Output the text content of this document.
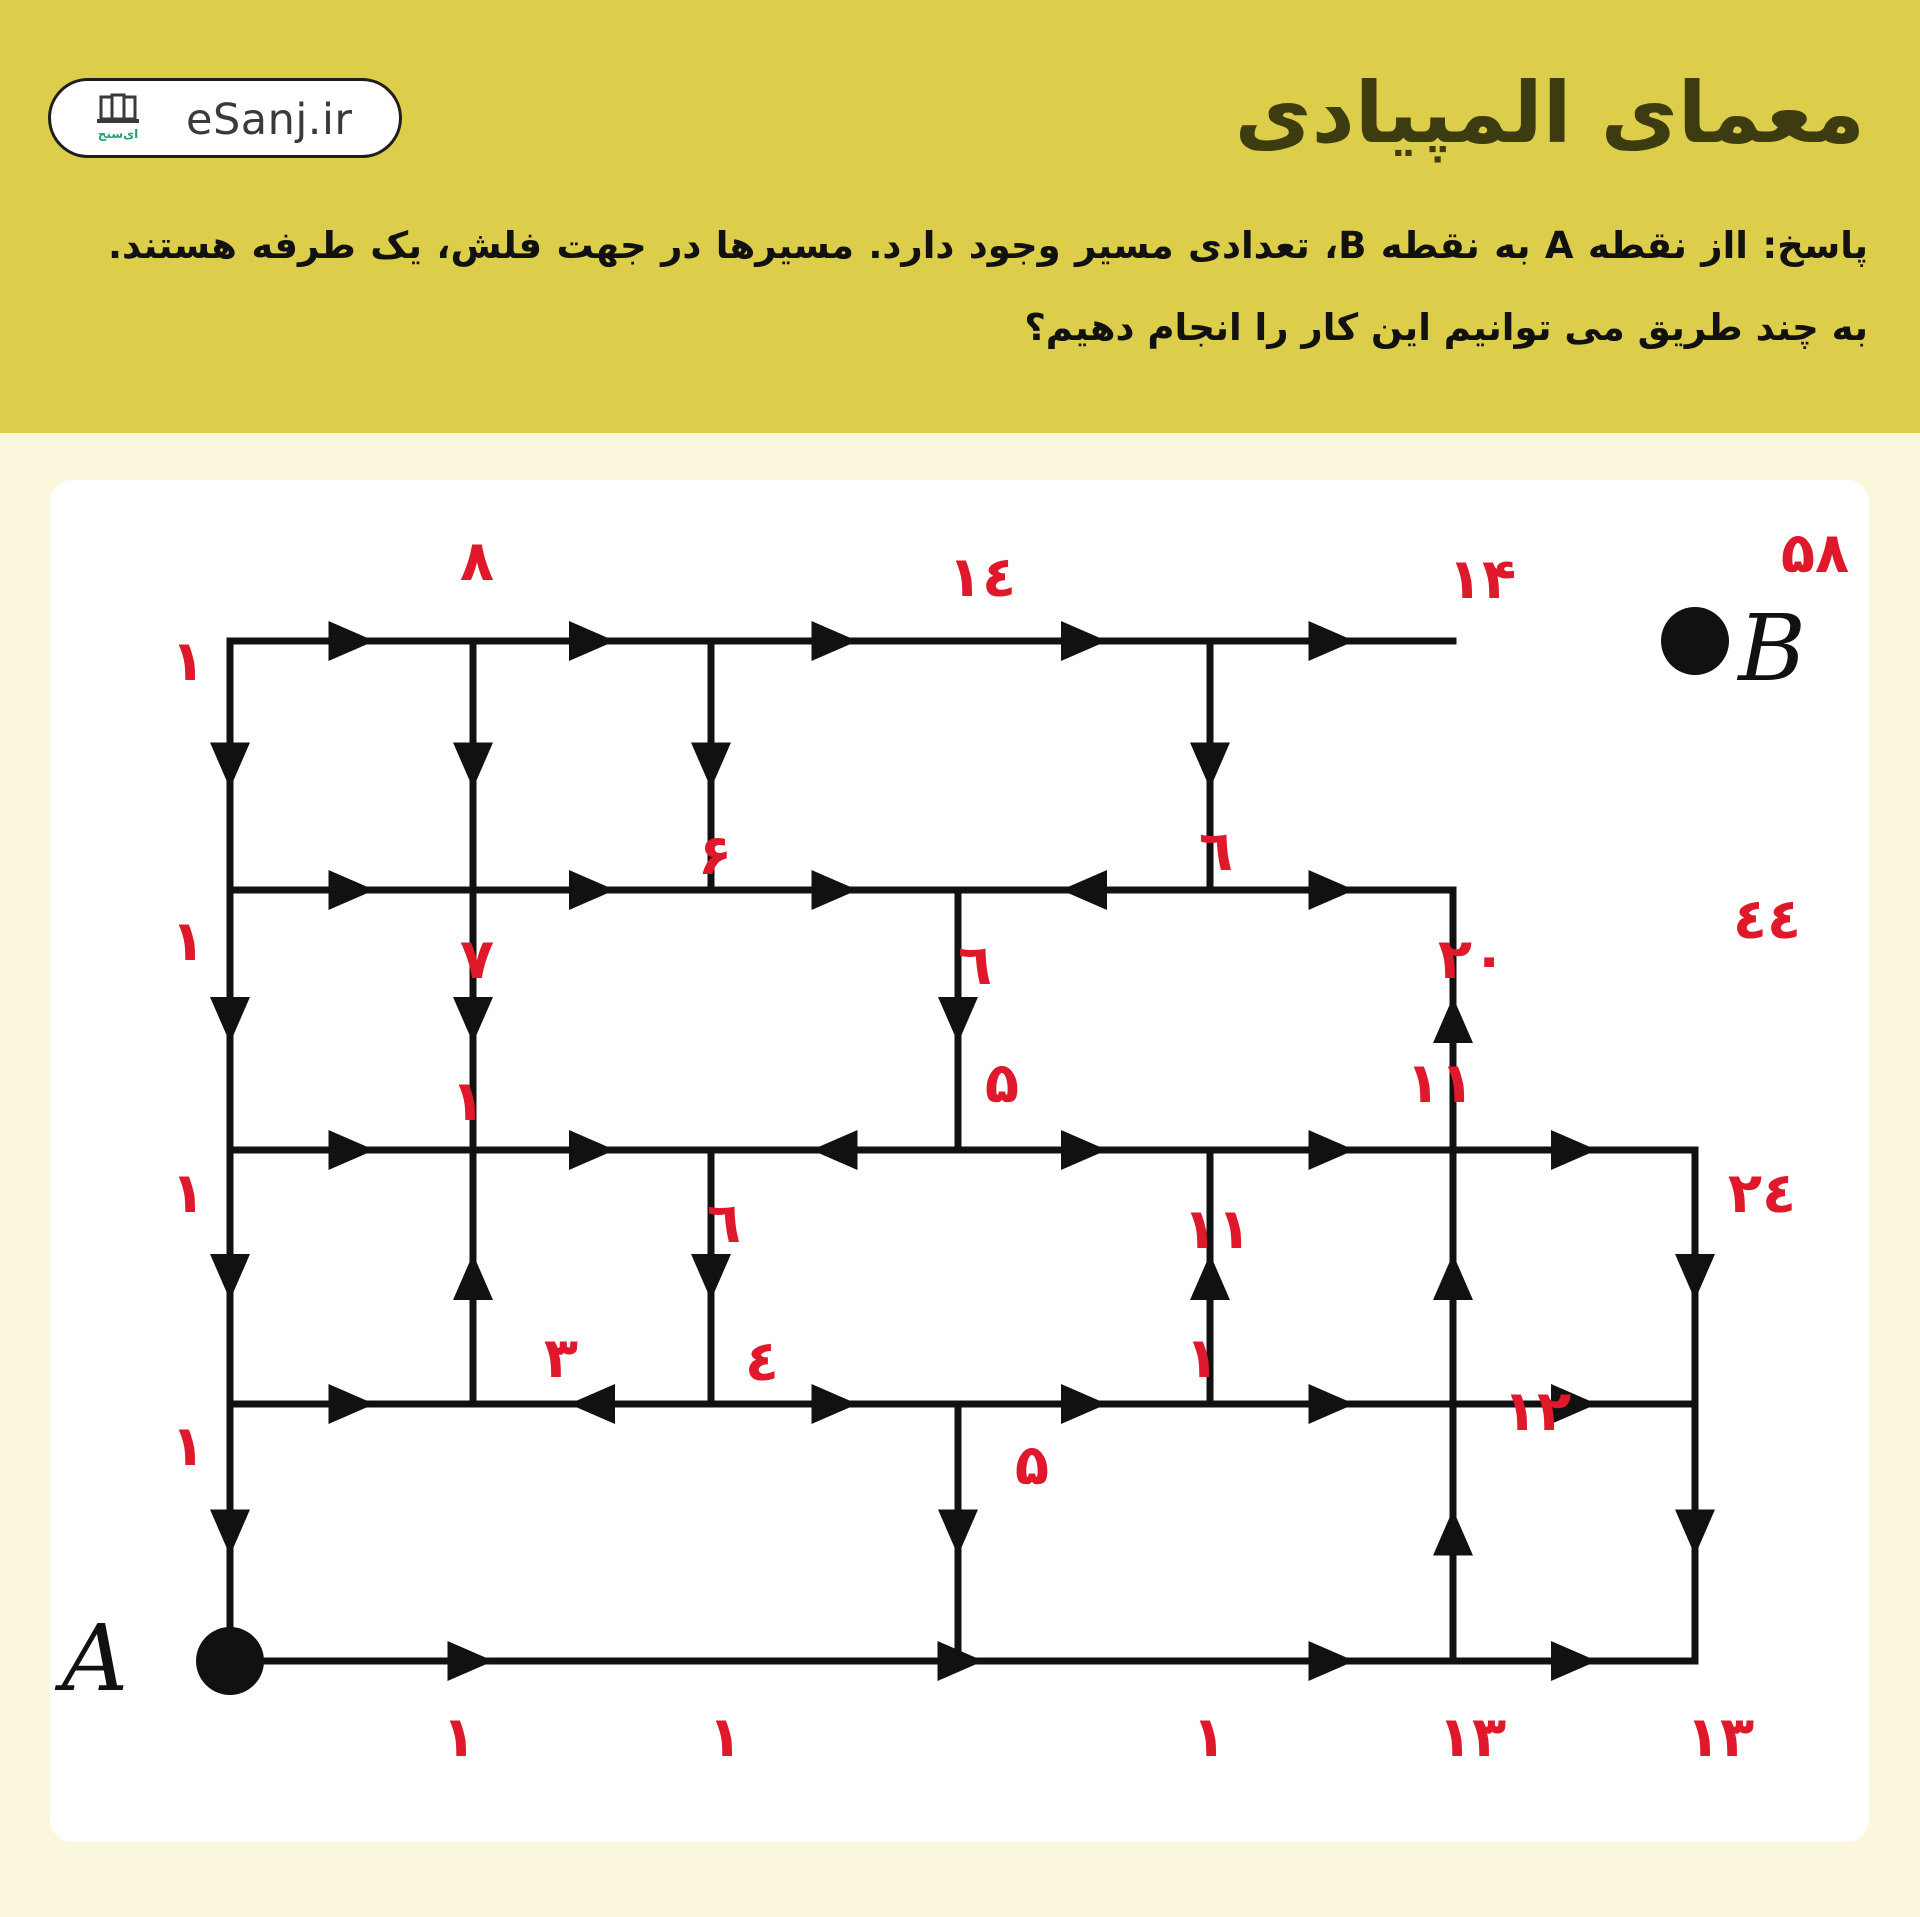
معمای المپیادی
ای‌سنج eSanj.ir
پاسخ: ااز نقطه A به نقطه B، تعدادی مسیر وجود دارد. مسیرها در جهت فلش، یک طرفه هستند. به چند طریق می توانیم این کار را انجام دهیم؟
A
B
۸	۱٤	۱۴	۵۸
۱
۱
۱
۱
۶	٦
۷	٦	۲۰
٤٤
۱	۵	۱۱
٦	۱۱
۲٤
۳	٤	۱
۱۲
۵
۱	۱	۱	۱۳	۱۳
